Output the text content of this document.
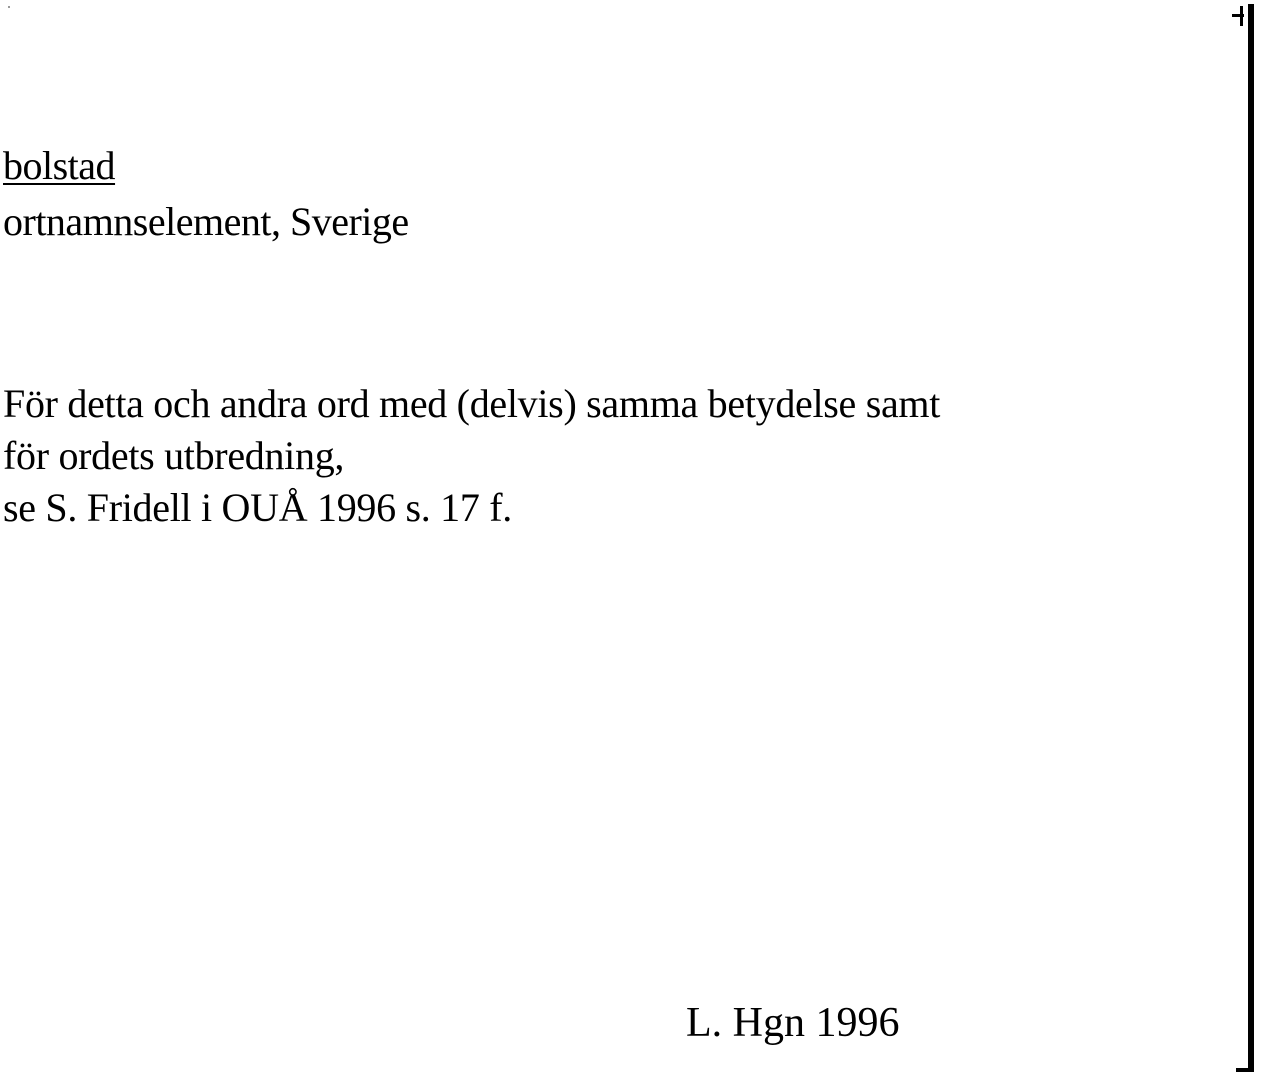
bolstad
ortnamnselement, Sverige
För detta och andra ord med (delvis) samma betydelse samt
för ordets utbredning,
se S. Fridell i OUÅ 1996 s. 17 f.
L. Hgn 1996
